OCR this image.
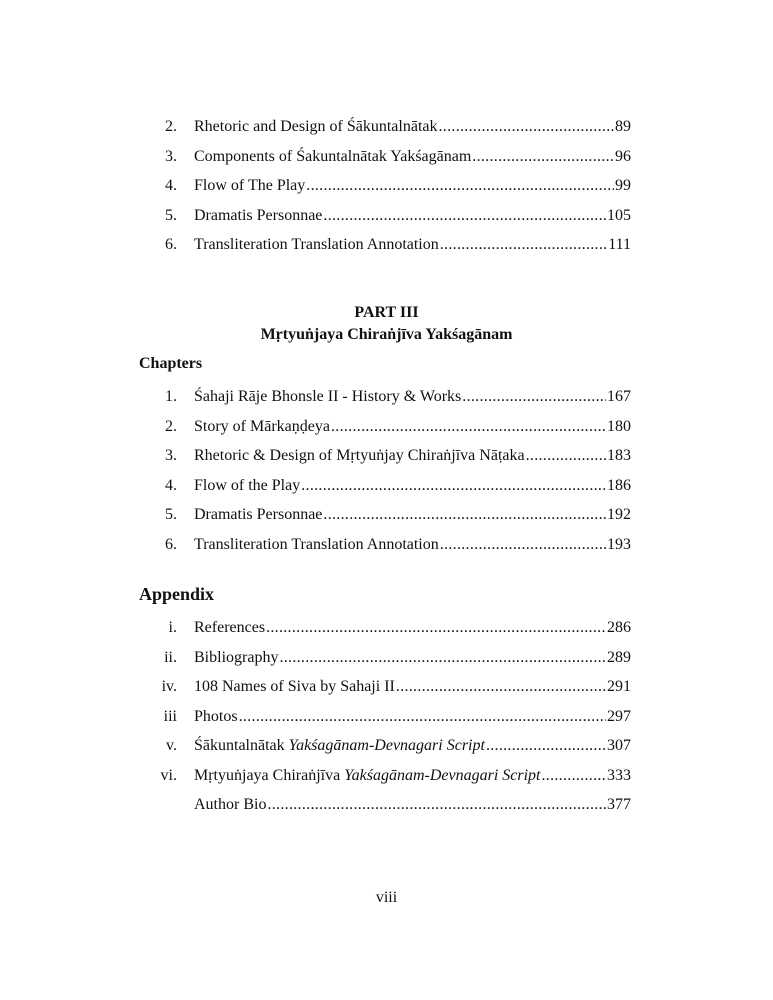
2. Rhetoric and Design of Śākuntalnātak .....	89
3. Components of Śakuntalnātak Yakśagānam .....	96
4. Flow of The Play .....	99
5. Dramatis Personnae .....	105
6. Transliteration Translation Annotation .....	111
PART III
Mṛtyuṅjaya Chiraṅjīva Yakśagānam
Chapters
1. Śahaji Rāje Bhonsle II - History & Works .....	167
2. Story of Mārkaṇḍeya .....	180
3. Rhetoric & Design of Mṛtyuṅjay Chiraṅjīva Nāṭaka .....	183
4. Flow of the Play .....	186
5. Dramatis Personnae .....	192
6. Transliteration Translation Annotation .....	193
Appendix
i. References .....	286
ii. Bibliography .....	289
iv. 108 Names of Siva by Sahaji II .....	291
iii Photos .....	297
v. Śākuntalnātak Yakśagānam-Devnagari Script .....	307
vi. Mṛtyuṅjaya Chiraṅjīva Yakśagānam-Devnagari Script .....	333
Author Bio .....	377
viii
